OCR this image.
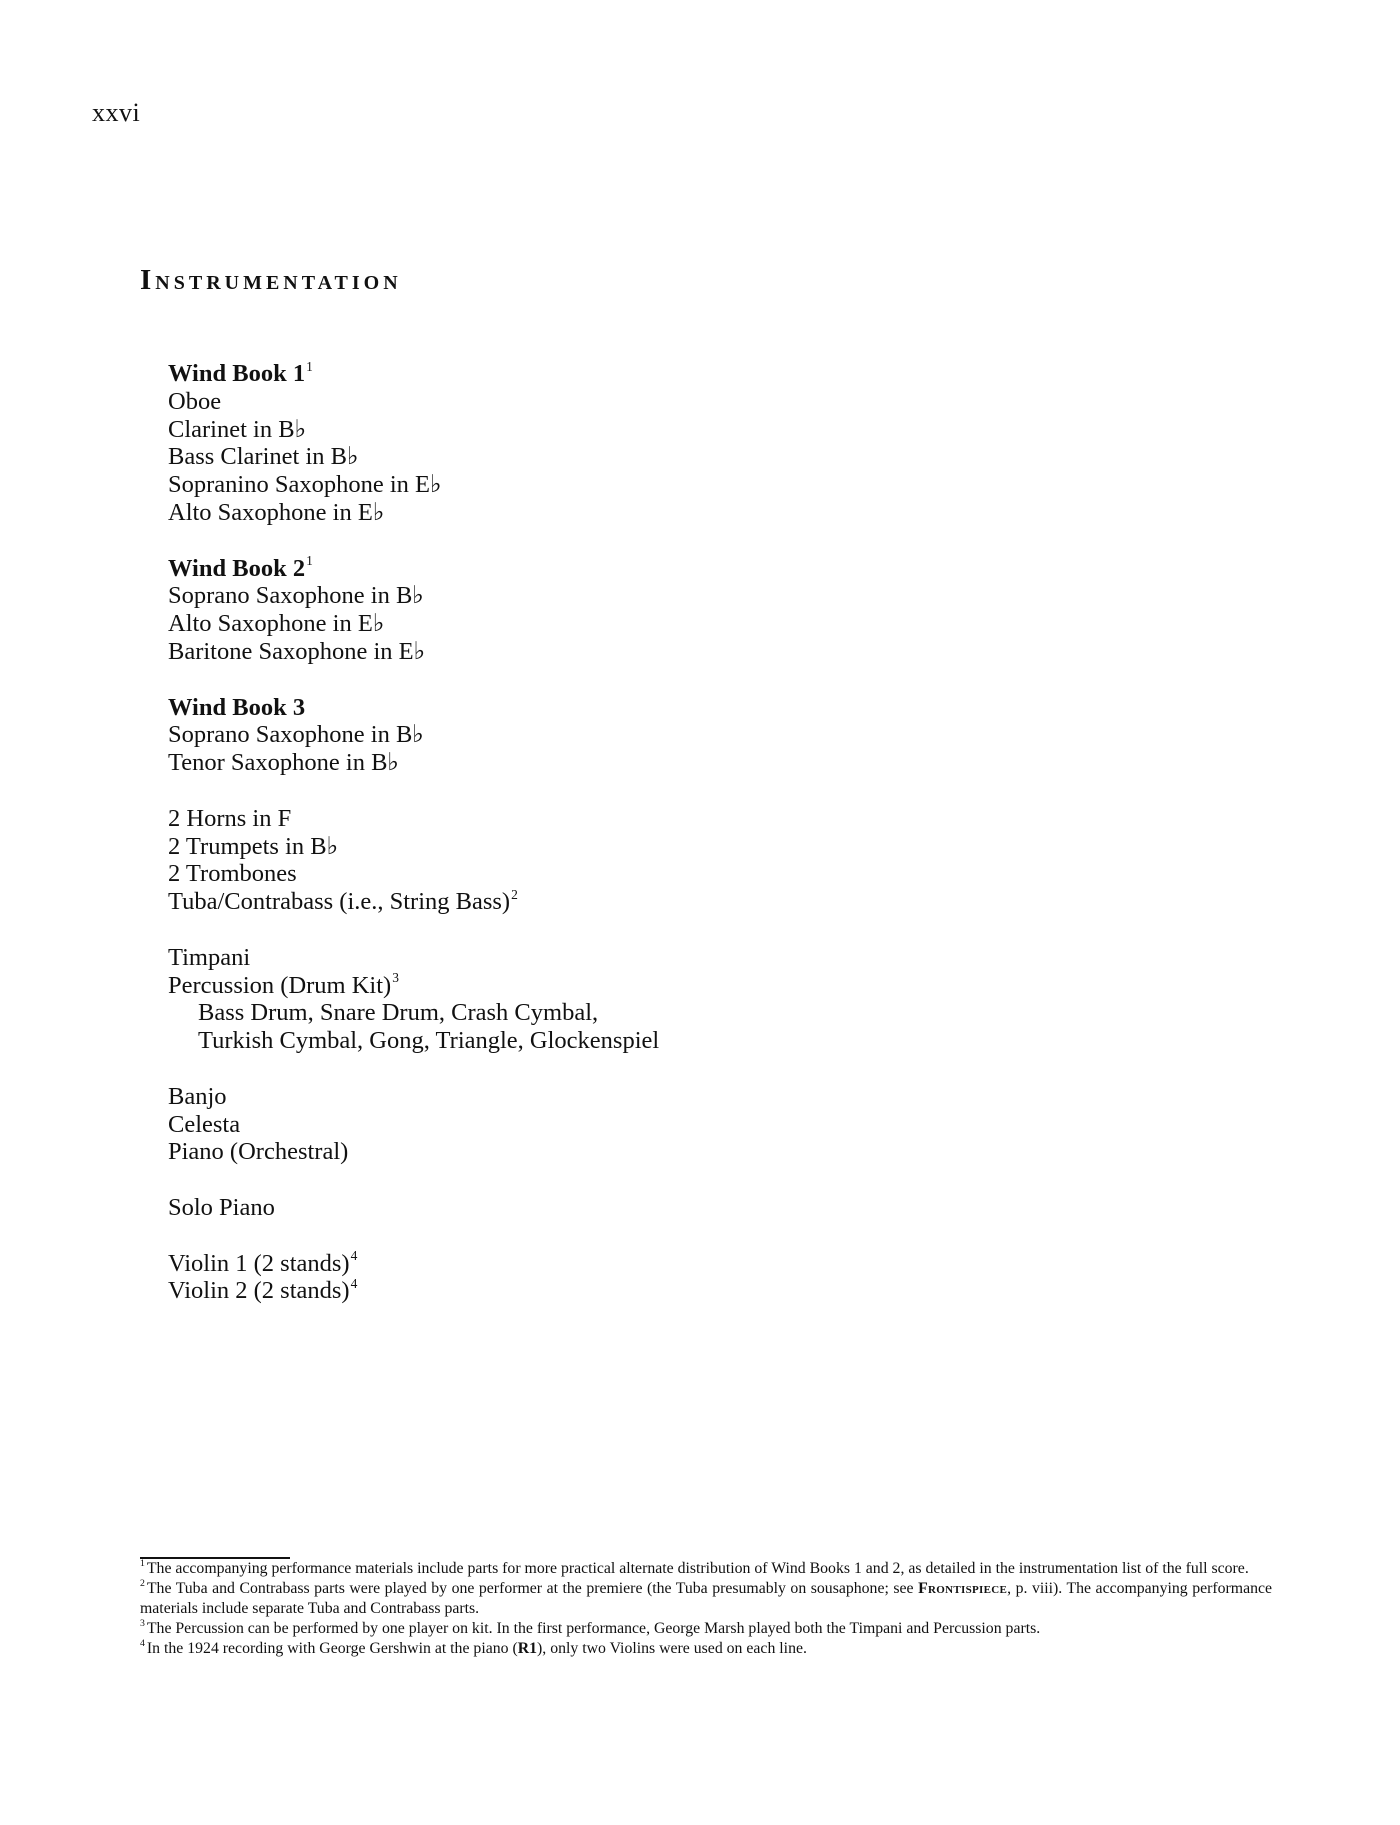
xxvi
Instrumentation
Wind Book $1^1$
Oboe
Clarinet in B♭
Bass Clarinet in B♭
Sopranino Saxophone in E♭
Alto Saxophone in E♭
Wind Book $2^1$
Soprano Saxophone in B♭
Alto Saxophone in E♭
Baritone Saxophone in E♭
Wind Book 3
Soprano Saxophone in B♭
Tenor Saxophone in B♭
2 Horns in F
2 Trumpets in B♭
2 Trombones
Tuba/Contrabass (i.e., String Bass)$^2$
Timpani
Percussion (Drum Kit)$^3$
Bass Drum, Snare Drum, Crash Cymbal,
Turkish Cymbal, Gong, Triangle, Glockenspiel
Banjo
Celesta
Piano (Orchestral)
Solo Piano
Violin 1 (2 stands)$^4$
Violin 2 (2 stands)$^4$

$^1$ The accompanying performance materials include parts for more practical alternate distribution of Wind Books 1 and 2, as detailed in the instrumentation list of the full score.

$^2$ The Tuba and Contrabass parts were played by one performer at the premiere (the Tuba presumably on sousaphone; see Frontispiece, p. viii). The accompanying performance materials include separate Tuba and Contrabass parts.

$^3$ The Percussion can be performed by one player on kit. In the first performance, George Marsh played both the Timpani and Percussion parts.

$^4$ In the 1924 recording with George Gershwin at the piano (R1), only two Violins were used on each line.
